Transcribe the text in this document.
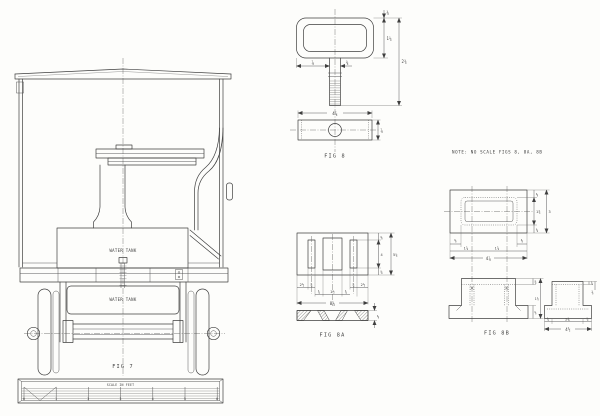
WATER TANK
WATER TANK
FIG 7
SCALE IN FEET
0	1	2	3	4	5	6
⅜
1¼
2¾
⅞	⅜
4⅞
⅞
FIG 8
NOTE: NO SCALE FIGS 8, 8A, 8B
⅝
4
⅝
5¼
2½ ¾	¾ 2½
¾	1½	¾
8¼
⅝
FIG 8A
⅝
1¾
⅝
3
⅝	⅝
1⅞	1⅞
4⅞
⅜
⅝
1⅞
⅛
⅜
⅞	2¾	⅞
4½
FIG 8B
